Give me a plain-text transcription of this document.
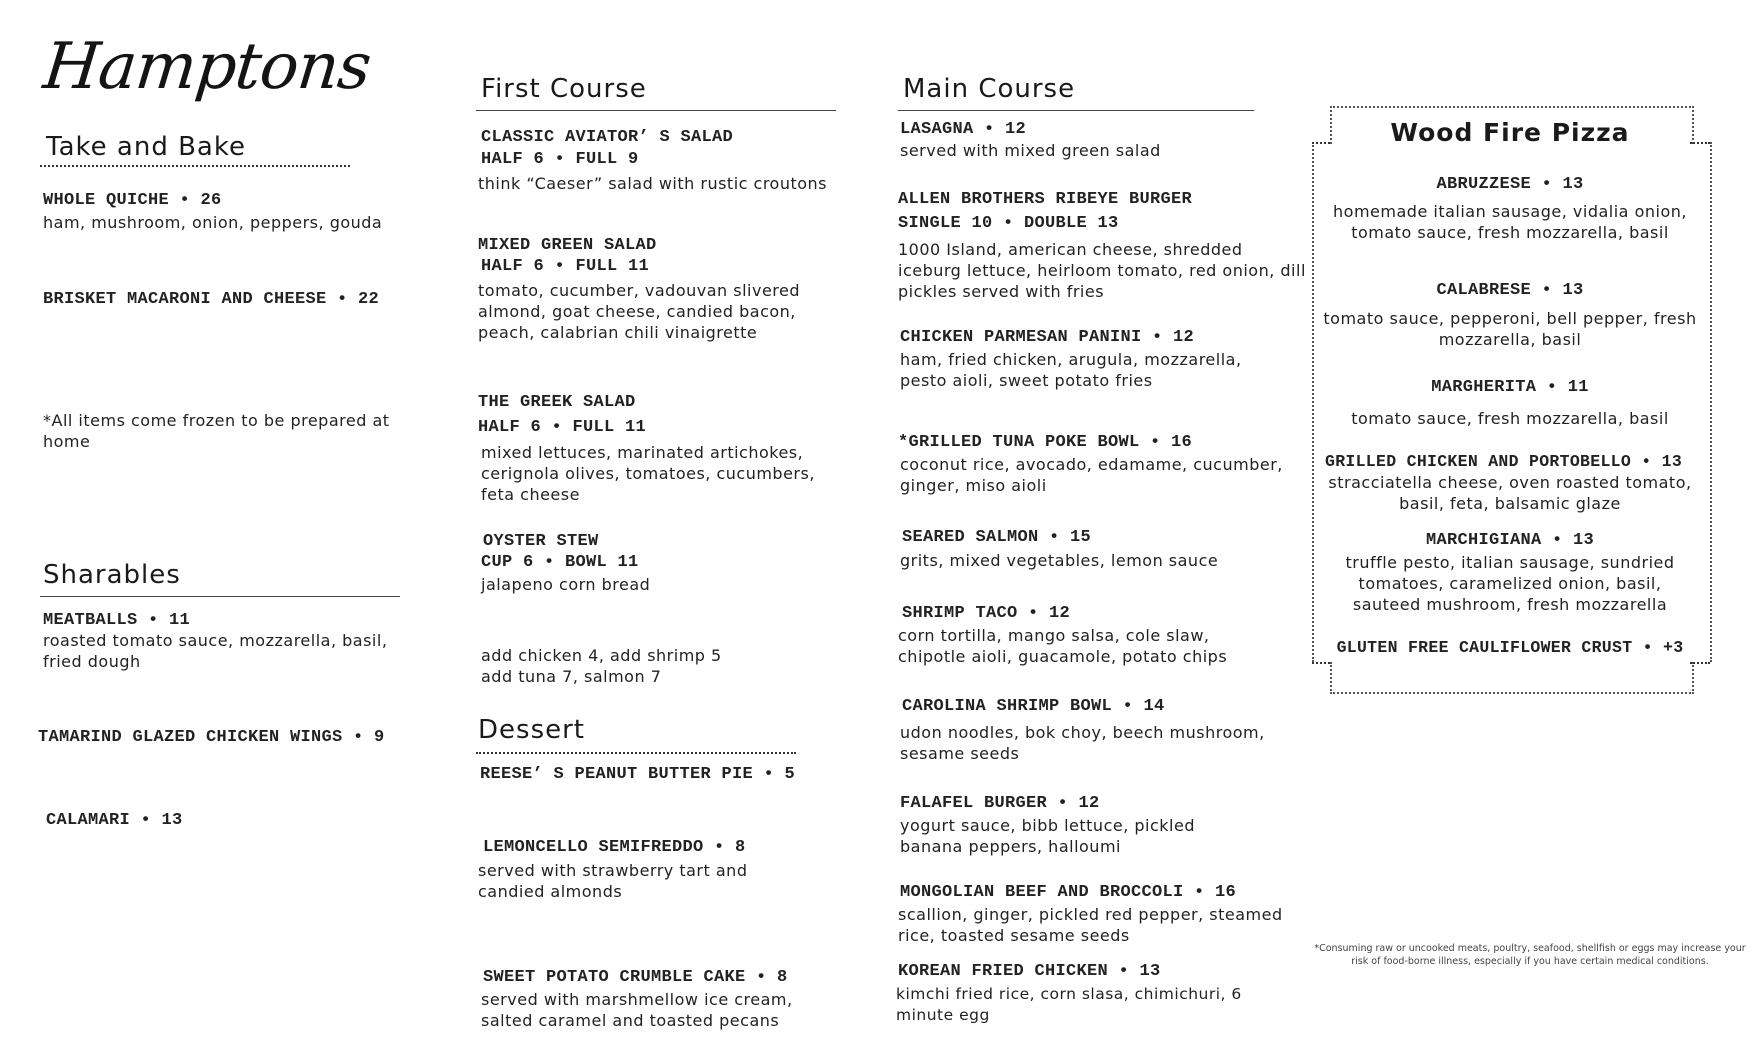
Hamptons
Take and Bake
WHOLE QUICHE • 26
ham, mushroom, onion, peppers, gouda
BRISKET MACARONI AND CHEESE • 22
*All items come frozen to be prepared at home
Sharables
MEATBALLS • 11
roasted tomato sauce, mozzarella, basil, fried dough
TAMARIND GLAZED CHICKEN WINGS • 9
CALAMARI • 13
First Course
CLASSIC AVIATOR’ S SALAD
HALF 6 • FULL 9
think “Caeser” salad with rustic croutons
MIXED GREEN SALAD
HALF 6 • FULL 11
tomato, cucumber, vadouvan slivered almond, goat cheese, candied bacon, peach, calabrian chili vinaigrette
THE GREEK SALAD
HALF 6 • FULL 11
mixed lettuces, marinated artichokes, cerignola olives, tomatoes, cucumbers, feta cheese
OYSTER STEW
CUP 6 • BOWL 11
jalapeno corn bread
add chicken 4, add shrimp 5 add tuna 7, salmon 7
Dessert
REESE’ S PEANUT BUTTER PIE • 5
LEMONCELLO SEMIFREDDO • 8
served with strawberry tart and candied almonds
SWEET POTATO CRUMBLE CAKE • 8
served with marshmellow ice cream, salted caramel and toasted pecans
Main Course
LASAGNA • 12
served with mixed green salad
ALLEN BROTHERS RIBEYE BURGER
SINGLE 10 • DOUBLE 13
1000 Island, american cheese, shredded iceburg lettuce, heirloom tomato, red onion, dill pickles served with fries
CHICKEN PARMESAN PANINI • 12
ham, fried chicken, arugula, mozzarella, pesto aioli, sweet potato fries
*GRILLED TUNA POKE BOWL • 16
coconut rice, avocado, edamame, cucumber, ginger, miso aioli
SEARED SALMON • 15
grits, mixed vegetables, lemon sauce
SHRIMP TACO • 12
corn tortilla, mango salsa, cole slaw, chipotle aioli, guacamole, potato chips
CAROLINA SHRIMP BOWL • 14
udon noodles, bok choy, beech mushroom, sesame seeds
FALAFEL BURGER • 12
yogurt sauce, bibb lettuce, pickled banana peppers, halloumi
MONGOLIAN BEEF AND BROCCOLI • 16
scallion, ginger, pickled red pepper, steamed rice, toasted sesame seeds
KOREAN FRIED CHICKEN • 13
kimchi fried rice, corn slasa, chimichuri, 6 minute egg
Wood Fire Pizza
ABRUZZESE • 13
homemade italian sausage, vidalia onion, tomato sauce, fresh mozzarella, basil
CALABRESE • 13
tomato sauce, pepperoni, bell pepper, fresh mozzarella, basil
MARGHERITA • 11
tomato sauce, fresh mozzarella, basil
GRILLED CHICKEN AND PORTOBELLO • 13
stracciatella cheese, oven roasted tomato, basil, feta, balsamic glaze
MARCHIGIANA • 13
truffle pesto, italian sausage, sundried tomatoes, caramelized onion, basil, sauteed mushroom, fresh mozzarella
GLUTEN FREE CAULIFLOWER CRUST • +3
*Consuming raw or uncooked meats, poultry, seafood, shellfish or eggs may increase your risk of food-borne illness, especially if you have certain medical conditions.
